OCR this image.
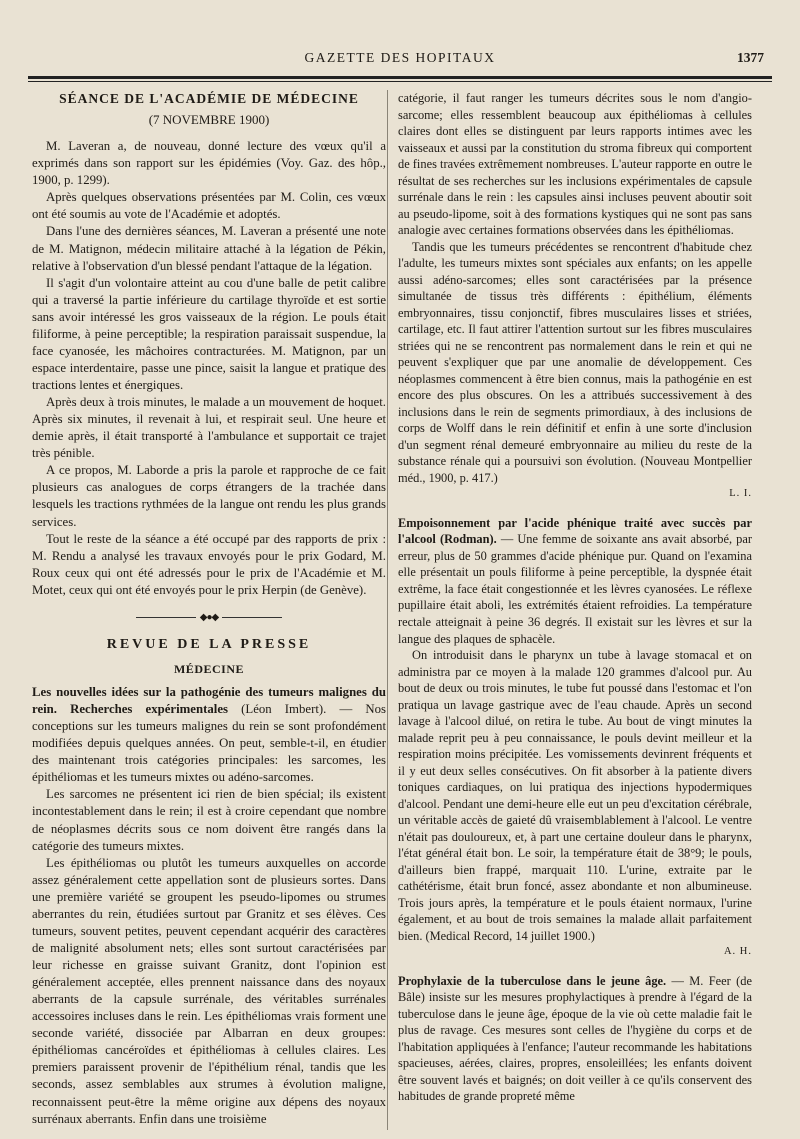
GAZETTE DES HOPITAUX	1377
SÉANCE DE L'ACADÉMIE DE MÉDECINE
(7 NOVEMBRE 1900)

M. Laveran a, de nouveau, donné lecture des vœux qu'il a exprimés dans son rapport sur les épidémies (Voy. Gaz. des hôp., 1900, p. 1299).

Après quelques observations présentées par M. Colin, ces vœux ont été soumis au vote de l'Académie et adoptés.

Dans l'une des dernières séances, M. Laveran a présenté une note de M. Matignon, médecin militaire attaché à la légation de Pékin, relative à l'observation d'un blessé pendant l'attaque de la légation.

Il s'agit d'un volontaire atteint au cou d'une balle de petit calibre qui a traversé la partie inférieure du cartilage thyroïde et est sortie sans avoir intéressé les gros vaisseaux de la région. Le pouls était filiforme, à peine perceptible; la respiration paraissait suspendue, la face cyanosée, les mâchoires contracturées. M. Matignon, par un espace interdentaire, passe une pince, saisit la langue et pratique des tractions lentes et énergiques.

Après deux à trois minutes, le malade a un mouvement de hoquet. Après six minutes, il revenait à lui, et respirait seul. Une heure et demie après, il était transporté à l'ambulance et supportait ce trajet très pénible.

A ce propos, M. Laborde a pris la parole et rapproche de ce fait plusieurs cas analogues de corps étrangers de la trachée dans lesquels les tractions rythmées de la langue ont rendu les plus grands services.

Tout le reste de la séance a été occupé par des rapports de prix : M. Rendu a analysé les travaux envoyés pour le prix Godard, M. Roux ceux qui ont été adressés pour le prix de l'Académie et M. Motet, ceux qui ont été envoyés pour le prix Herpin (de Genève).

◆●◆
REVUE DE LA PRESSE
MÉDECINE

Les nouvelles idées sur la pathogénie des tumeurs malignes du rein. Recherches expérimentales (Léon Imbert). — Nos conceptions sur les tumeurs malignes du rein se sont profondément modifiées depuis quelques années. On peut, semble-t-il, en étudier des maintenant trois catégories principales: les sarcomes, les épithéliomas et les tumeurs mixtes ou adéno-sarcomes.

Les sarcomes ne présentent ici rien de bien spécial; ils existent incontestablement dans le rein; il est à croire cependant que nombre de néoplasmes décrits sous ce nom doivent être rangés dans la catégorie des tumeurs mixtes.

Les épithéliomas ou plutôt les tumeurs auxquelles on accorde assez généralement cette appellation sont de plusieurs sortes. Dans une première variété se groupent les pseudo-lipomes ou strumes aberrantes du rein, étudiées surtout par Granitz et ses élèves. Ces tumeurs, souvent petites, peuvent cependant acquérir des caractères de malignité absolument nets; elles sont surtout caractérisées par leur richesse en graisse suivant Granitz, dont l'opinion est généralement acceptée, elles prennent naissance dans des noyaux aberrants de la capsule surrénale, des véritables surrénales accessoires incluses dans le rein. Les épithéliomas vrais forment une seconde variété, dissociée par Albarran en deux groupes: épithéliomas cancéroïdes et épithéliomas à cellules claires. Les premiers paraissent provenir de l'épithélium rénal, tandis que les seconds, assez semblables aux strumes à évolution maligne, reconnaissent peut-être la même origine aux dépens des noyaux surrénaux aberrants. Enfin dans une troisième

catégorie, il faut ranger les tumeurs décrites sous le nom d'angio-sarcome; elles ressemblent beaucoup aux épithéliomas à cellules claires dont elles se distinguent par leurs rapports intimes avec les vaisseaux et aussi par la constitution du stroma fibreux qui comportent de fines travées extrêmement nombreuses. L'auteur rapporte en outre le résultat de ses recherches sur les inclusions expérimentales de capsule surrénale dans le rein : les capsules ainsi incluses peuvent aboutir soit au pseudo-lipome, soit à des formations kystiques qui ne sont pas sans analogie avec certaines formations observées dans les épithéliomas.

Tandis que les tumeurs précédentes se rencontrent d'habitude chez l'adulte, les tumeurs mixtes sont spéciales aux enfants; on les appelle aussi adéno-sarcomes; elles sont caractérisées par la présence simultanée de tissus très différents : épithélium, éléments embryonnaires, tissu conjonctif, fibres musculaires lisses et striées, cartilage, etc. Il faut attirer l'attention surtout sur les fibres musculaires striées qui ne se rencontrent pas normalement dans le rein et qui ne peuvent s'expliquer que par une anomalie de développement. Ces néoplasmes commencent à être bien connus, mais la pathogénie en est encore des plus obscures. On les a attribués successivement à des inclusions dans le rein de segments primordiaux, à des inclusions de corps de Wolff dans le rein définitif et enfin à une sorte d'inclusion d'un segment rénal demeuré embryonnaire au milieu du reste de la substance rénale qui a poursuivi son évolution. (Nouveau Montpellier méd., 1900, p. 417.)

L. I.

Empoisonnement par l'acide phénique traité avec succès par l'alcool (Rodman). — Une femme de soixante ans avait absorbé, par erreur, plus de 50 grammes d'acide phénique pur. Quand on l'examina elle présentait un pouls filiforme à peine perceptible, la dyspnée était extrême, la face était congestionnée et les lèvres cyanosées. Le réflexe pupillaire était aboli, les extrémités étaient refroidies. La température rectale atteignait à peine 36 degrés. Il existait sur les lèvres et sur la langue des plaques de sphacèle.

On introduisit dans le pharynx un tube à lavage stomacal et on administra par ce moyen à la malade 120 grammes d'alcool pur. Au bout de deux ou trois minutes, le tube fut poussé dans l'estomac et l'on pratiqua un lavage gastrique avec de l'eau chaude. Après un second lavage à l'alcool dilué, on retira le tube. Au bout de vingt minutes la malade reprit peu à peu connaissance, le pouls devint meilleur et la respiration moins précipitée. Les vomissements devinrent fréquents et il y eut deux selles consécutives. On fit absorber à la patiente divers toniques cardiaques, on lui pratiqua des injections hypodermiques d'alcool. Pendant une demi-heure elle eut un peu d'excitation cérébrale, un véritable accès de gaieté dû vraisemblablement à l'alcool. Le ventre n'était pas douloureux, et, à part une certaine douleur dans le pharynx, l'état général était bon. Le soir, la température était de 38°9; le pouls, d'ailleurs bien frappé, marquait 110. L'urine, extraite par le cathétérisme, était brun foncé, assez abondante et non albumineuse. Trois jours après, la température et le pouls étaient normaux, l'urine également, et au bout de trois semaines la malade allait parfaitement bien. (Medical Record, 14 juillet 1900.)

A. H.

Prophylaxie de la tuberculose dans le jeune âge. — M. Feer (de Bâle) insiste sur les mesures prophylactiques à prendre à l'égard de la tuberculose dans le jeune âge, époque de la vie où cette maladie fait le plus de ravage. Ces mesures sont celles de l'hygiène du corps et de l'habitation appliquées à l'enfance; l'auteur recommande les habitations spacieuses, aérées, claires, propres, ensoleillées; les enfants doivent être souvent lavés et baignés; on doit veiller à ce qu'ils conservent des habitudes de grande propreté même
